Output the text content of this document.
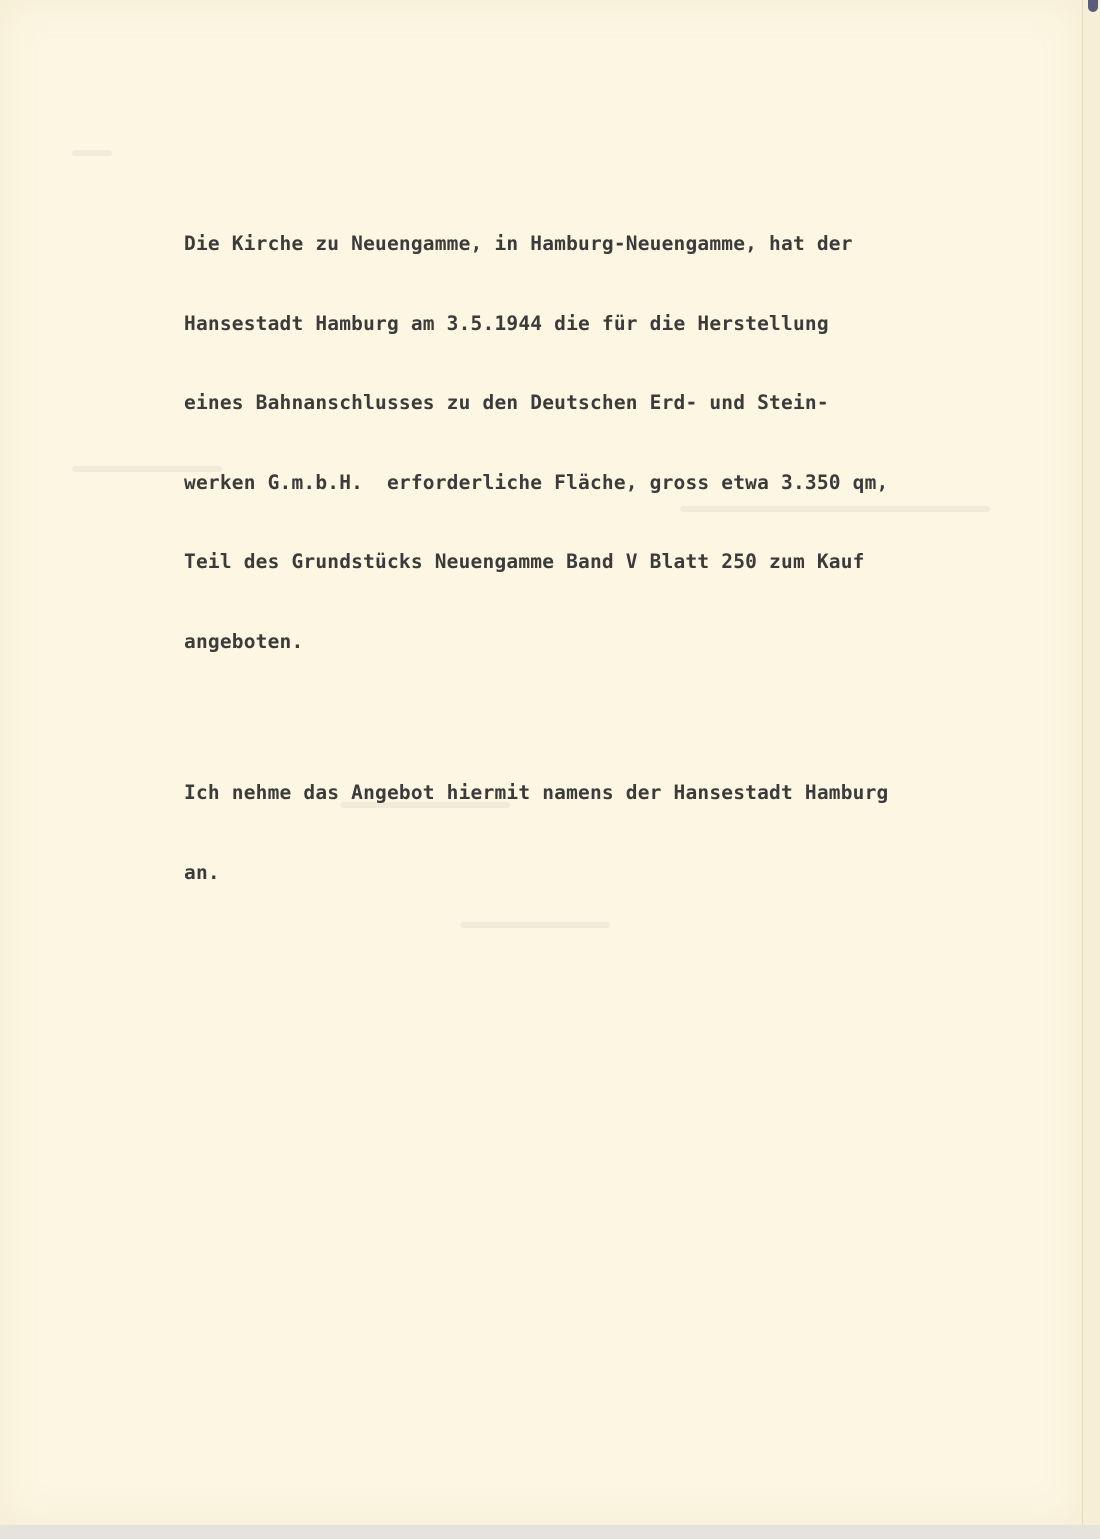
Die Kirche zu Neuengamme, in Hamburg-Neuengamme, hat der

Hansestadt Hamburg am 3.5.1944 die für die Herstellung

eines Bahnanschlusses zu den Deutschen Erd- und Stein-

werken G.m.b.H.  erforderliche Fläche, gross etwa 3.350 qm,

Teil des Grundstücks Neuengamme Band V Blatt 250 zum Kauf

angeboten.

Ich nehme das Angebot hiermit namens der Hansestadt Hamburg

an.
